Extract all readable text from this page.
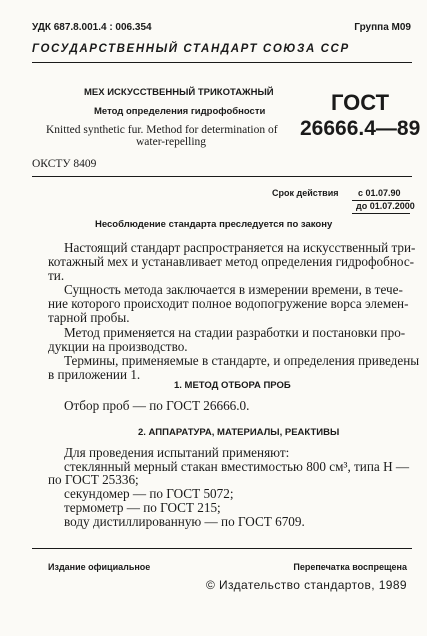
УДК 687.8.001.4 : 006.354	Группа М09
ГОСУДАРСТВЕННЫЙ СТАНДАРТ СОЮЗА ССР
МЕХ ИСКУССТВЕННЫЙ ТРИКОТАЖНЫЙ
Метод определения гидрофобности
Knitted synthetic fur. Method for determination of
water-repelling
ГОСТ
26666.4—89
ОКСТУ 8409
Срок действия с 01.07.90
до 01.07.2000
Несоблюдение стандарта преследуется по закону
Настоящий стандарт распространяется на искусственный три-
котажный мех и устанавливает метод определения гидрофобнос-
ти.
Сущность метода заключается в измерении времени, в тече-
ние которого происходит полное водопогружение ворса элемен-
тарной пробы.
Метод применяется на стадии разработки и постановки про-
дукции на производство.
Термины, применяемые в стандарте, и определения приведены
в приложении 1.
1. МЕТОД ОТБОРА ПРОБ
Отбор проб — по ГОСТ 26666.0.
2. АППАРАТУРА, МАТЕРИАЛЫ, РЕАКТИВЫ
Для проведения испытаний применяют:
стеклянный мерный стакан вместимостью 800 см³, типа Н —
по ГОСТ 25336;
секундомер — по ГОСТ 5072;
термометр — по ГОСТ 215;
воду дистиллированную — по ГОСТ 6709.
Издание официальное	Перепечатка воспрещена
© Издательство стандартов, 1989
